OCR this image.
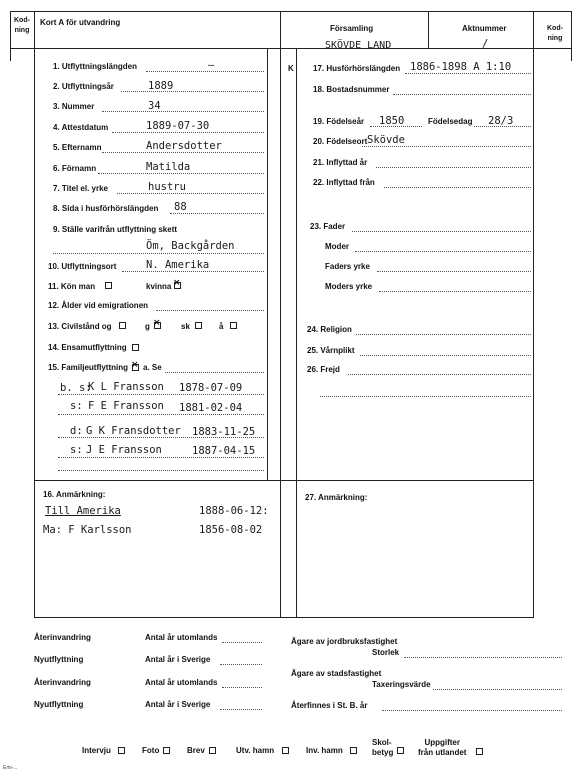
Kod-
ning
Kort A för utvandring
Församling
SKÖVDE LAND
Aktnummer
/
Kod-
ning
1. Utflyttningslängden	–	K
2. Utflyttningsår	1889
3. Nummer	34
4. Attestdatum	1889-07-30
5. Efternamn	Andersdotter
6. Förnamn	Matilda
7. Titel el. yrke	hustru
8. Sida i husförhörslängden 88
9. Ställe varifrån utflyttning skett
Öm, Backgården
10. Utflyttningsort	N. Amerika
11. Kön man	kvinna ×
12. Ålder vid emigrationen
13. Civilstånd og	g ×	sk	å
14. Ensamutflyttning
15. Familjeutflyttning × a. Se
b. s:
K L Fransson 1878-07-09
s: F E Fransson 1881-02-04
d: G K Fransdotter 1883-11-25
s: J E Fransson	1887-04-15
16. Anmärkning:
Till Amerika	1888-06-12:
Ma: F Karlsson	1856-08-02
17. Husförhörslängden 1886-1898 A 1:10
18. Bostadsnummer
19. Födelseår 1850	Födelsedag 28/3
20. Födelseort Skövde
21. Inflyttad år
22. Inflyttad från
23. Fader
Moder
Faders yrke
Moders yrke
24. Religion
25. Vårnplikt
26. Frejd
27. Anmärkning:
Återinvandring	Antal år utomlands
Nyutflyttning	Antal år i Sverige
Återinvandring	Antal år utomlands
Nyutflyttning	Antal år i Sverige
Ägare av jordbruksfastighet
Storlek
Ägare av stadsfastighet
Taxeringsvärde
Återfinnes i St. B. år
Intervju	Foto	Brev	Utv. hamn	Inv. hamn
Skol-
betyg
Uppgifter
från utlandet
Emi-...
